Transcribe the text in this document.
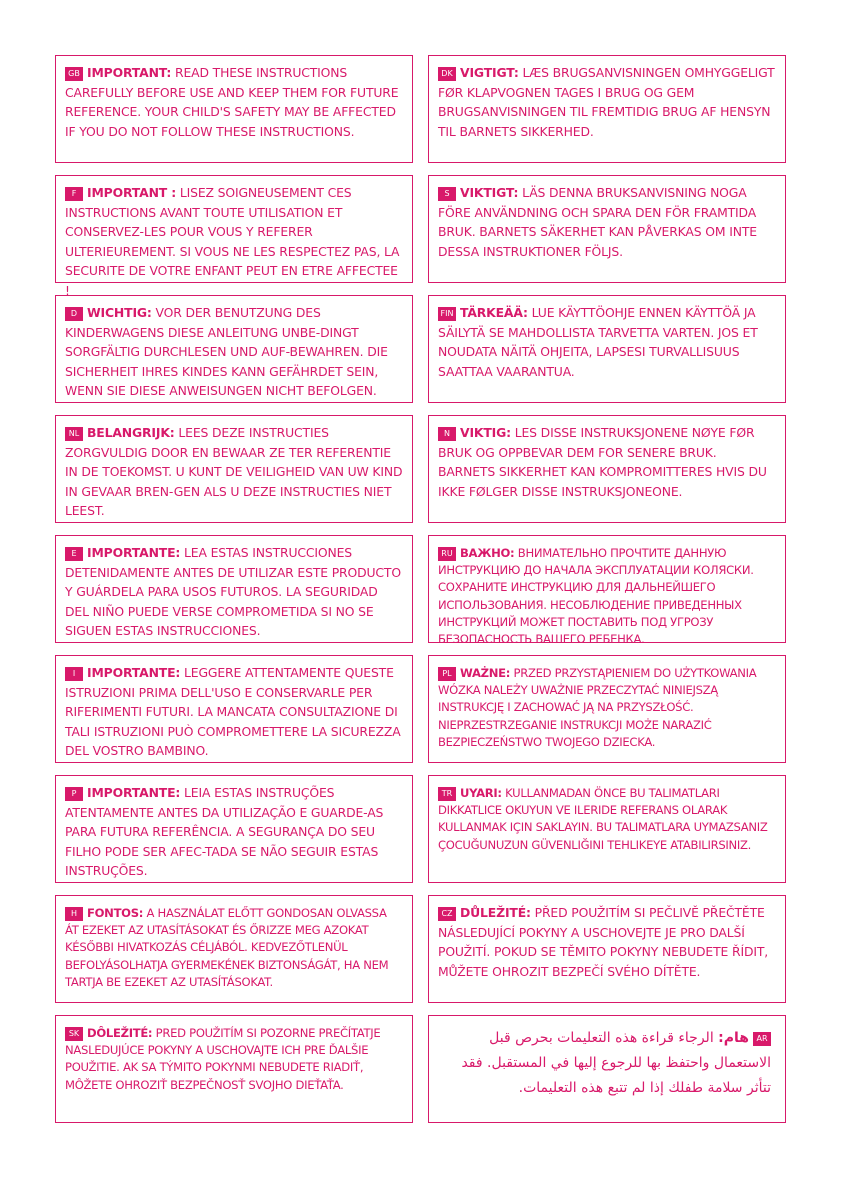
GB IMPORTANT: READ THESE INSTRUCTIONS CAREFULLY BEFORE USE AND KEEP THEM FOR FUTURE REFERENCE. YOUR CHILD'S SAFETY MAY BE AFFECTED IF YOU DO NOT FOLLOW THESE INSTRUCTIONS.
DK VIGTIGT: LÆS BRUGSANVISNINGEN OMHYGGELIGT FØR KLAPVOGNEN TAGES I BRUG OG GEM BRUGSANVISNINGEN TIL FREMTIDIG BRUG AF HENSYN TIL BARNETS SIKKERHED.
F IMPORTANT : LISEZ SOIGNEUSEMENT CES INSTRUCTIONS AVANT TOUTE UTILISATION ET CONSERVEZ-LES POUR VOUS Y REFERER ULTERIEUREMENT. SI VOUS NE LES RESPECTEZ PAS, LA SECURITE DE VOTRE ENFANT PEUT EN ETRE AFFECTEE !
S VIKTIGT: LÄS DENNA BRUKSANVISNING NOGA FÖRE ANVÄNDNING OCH SPARA DEN FÖR FRAMTIDA BRUK. BARNETS SÄKERHET KAN PÅVERKAS OM INTE DESSA INSTRUKTIONER FÖLJS.
D WICHTIG: VOR DER BENUTZUNG DES KINDERWAGENS DIESE ANLEITUNG UNBE-DINGT SORGFÄLTIG DURCHLESEN UND AUF-BEWAHREN. DIE SICHERHEIT IHRES KINDES KANN GEFÄHRDET SEIN, WENN SIE DIESE ANWEISUNGEN NICHT BEFOLGEN.
FIN TÄRKEÄÄ: LUE KÄYTTÖOHJE ENNEN KÄYTTÖÄ JA SÄILYTÄ SE MAHDOLLISTA TARVETTA VARTEN. JOS ET NOUDATA NÄITÄ OHJEITA, LAPSESI TURVALLISUUS SAATTAA VAARANTUA.
NL BELANGRIJK: LEES DEZE INSTRUCTIES ZORGVULDIG DOOR EN BEWAAR ZE TER REFERENTIE IN DE TOEKOMST. U KUNT DE VEILIGHEID VAN UW KIND IN GEVAAR BREN-GEN ALS U DEZE INSTRUCTIES NIET LEEST.
N VIKTIG: LES DISSE INSTRUKSJONENE NØYE FØR BRUK OG OPPBEVAR DEM FOR SENERE BRUK. BARNETS SIKKERHET KAN KOMPROMITTERES HVIS DU IKKE FØLGER DISSE INSTRUKSJONEONE.
E IMPORTANTE: LEA ESTAS INSTRUCCIONES DETENIDAMENTE ANTES DE UTILIZAR ESTE PRODUCTO Y GUÁRDELA PARA USOS FUTUROS. LA SEGURIDAD DEL NIÑO PUEDE VERSE COMPROMETIDA SI NO SE SIGUEN ESTAS INSTRUCCIONES.
RU ВАЖНО: ВНИМАТЕЛЬНО ПРОЧТИТЕ ДАННУЮ ИНСТРУКЦИЮ ДО НАЧАЛА ЭКСПЛУАТАЦИИ КОЛЯСКИ. СОХРАНИТЕ ИНСТРУКЦИЮ ДЛЯ ДАЛЬНЕЙШЕГО ИСПОЛЬЗОВАНИЯ. НЕСОБЛЮДЕНИЕ ПРИВЕДЕННЫХ ИНСТРУКЦИЙ МОЖЕТ ПОСТАВИТЬ ПОД УГРОЗУ БЕЗОПАСНОСТЬ ВАШЕГО РЕБЕНКА.
I IMPORTANTE: LEGGERE ATTENTAMENTE QUESTE ISTRUZIONI PRIMA DELL'USO E CONSERVARLE PER RIFERIMENTI FUTURI. LA MANCATA CONSULTAZIONE DI TALI ISTRUZIONI PUÒ COMPROMETTERE LA SICUREZZA DEL VOSTRO BAMBINO.
PL WAŻNE: PRZED PRZYSTĄPIENIEM DO UŻYTKOWANIA WÓZKA NALEŻY UWAŻNIE PRZECZYTAĆ NINIEJSZĄ INSTRUKCJĘ I ZACHOWAĆ JĄ NA PRZYSZŁOŚĆ. NIEPRZESTRZEGANIE INSTRUKCJI MOŻE NARAZIĆ BEZPIECZEŃSTWO TWOJEGO DZIECKA.
P IMPORTANTE: LEIA ESTAS INSTRUÇÕES ATENTAMENTE ANTES DA UTILIZAÇÃO E GUARDE-AS PARA FUTURA REFERÊNCIA. A SEGURANÇA DO SEU FILHO PODE SER AFEC-TADA SE NÃO SEGUIR ESTAS INSTRUÇÕES.
TR UYARI: KULLANMADAN ÖNCE BU TALIMATLARI DIKKATLICE OKUYUN VE ILERIDE REFERANS OLARAK KULLANMAK IÇIN SAKLAYIN. BU TALIMATLARA UYMAZSANIZ ÇOCUĞUNUZUN GÜVENLIĞINI TEHLIKEYE ATABILIRSINIZ.
H FONTOS: A HASZNÁLAT ELŐTT GONDOSAN OLVASSA ÁT EZEKET AZ UTASÍTÁSOKAT ÉS ŐRIZZE MEG AZOKAT KÉSŐBBI HIVATKOZÁS CÉLJÁBÓL. KEDVEZŐTLENÜL BEFOLYÁSOLHATJA GYERMEKÉNEK BIZTONSÁGÁT, HA NEM TARTJA BE EZEKET AZ UTASÍTÁSOKAT.
CZ DŮLEŽITÉ: PŘED POUŽITÍM SI PEČLIVĚ PŘEČTĚTE NÁSLEDUJÍCÍ POKYNY A USCHOVEJTE JE PRO DALŠÍ POUŽITÍ. POKUD SE TĚMITO POKYNY NEBUDETE ŘÍDIT, MŮŽETE OHROZIT BEZPEČÍ SVÉHO DÍTĚTE.
SK DÔLEŽITÉ: PRED POUŽITÍM SI POZORNE PREČÍTATJE NASLEDUJÚCE POKYNY A USCHOVAJTE ICH PRE ĎALŠIE POUŽITIE. AK SA TÝMITO POKYNMI NEBUDETE RIADIŤ, MÔŽETE OHROZIŤ BEZPEČNOSŤ SVOJHO DIEŤAŤA.
ARهام: الرجاء قراءة هذه التعليمات بحرص قبل الاستعمال واحتفظ بها للرجوع إليها في المستقبل. فقد تتأثر سلامة طفلك إذا لم تتبع هذه التعليمات.
